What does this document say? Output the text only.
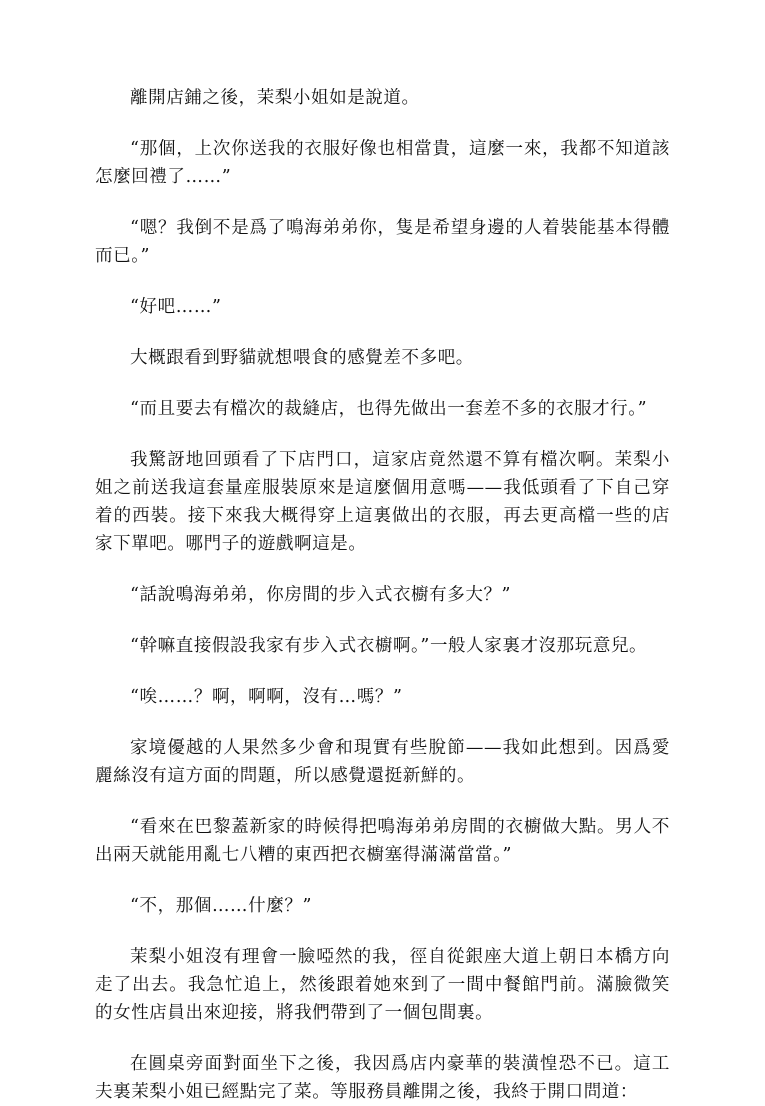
離開店鋪之後，茉梨小姐如是說道。

“那個，上次你送我的衣服好像也相當貴，這麼一來，我都不知道該怎麼回禮了……”

“嗯？我倒不是爲了鳴海弟弟你，隻是希望身邊的人着裝能基本得體而已。”

“好吧……”

大概跟看到野貓就想喂食的感覺差不多吧。

“而且要去有檔次的裁縫店，也得先做出一套差不多的衣服才行。”

我驚訝地回頭看了下店門口，這家店竟然還不算有檔次啊。茉梨小姐之前送我這套量産服裝原來是這麼個用意嗎——我低頭看了下自己穿着的西裝。接下來我大概得穿上這裏做出的衣服，再去更高檔一些的店家下單吧。哪門子的遊戲啊這是。

“話說鳴海弟弟，你房間的步入式衣櫥有多大？”

“幹嘛直接假設我家有步入式衣櫥啊。”一般人家裏才沒那玩意兒。

“唉……？啊，啊啊，沒有…嗎？”

家境優越的人果然多少會和現實有些脫節——我如此想到。因爲愛麗絲沒有這方面的問題，所以感覺還挺新鮮的。

“看來在巴黎蓋新家的時候得把鳴海弟弟房間的衣櫥做大點。男人不出兩天就能用亂七八糟的東西把衣櫥塞得滿滿當當。”

“不，那個……什麼？”

茉梨小姐沒有理會一臉啞然的我，徑自從銀座大道上朝日本橋方向走了出去。我急忙追上，然後跟着她來到了一間中餐館門前。滿臉微笑的女性店員出來迎接，將我們帶到了一個包間裏。

在圓桌旁面對面坐下之後，我因爲店内豪華的裝潢惶恐不已。這工夫裏茉梨小姐已經點完了菜。等服務員離開之後，我終于開口問道：
